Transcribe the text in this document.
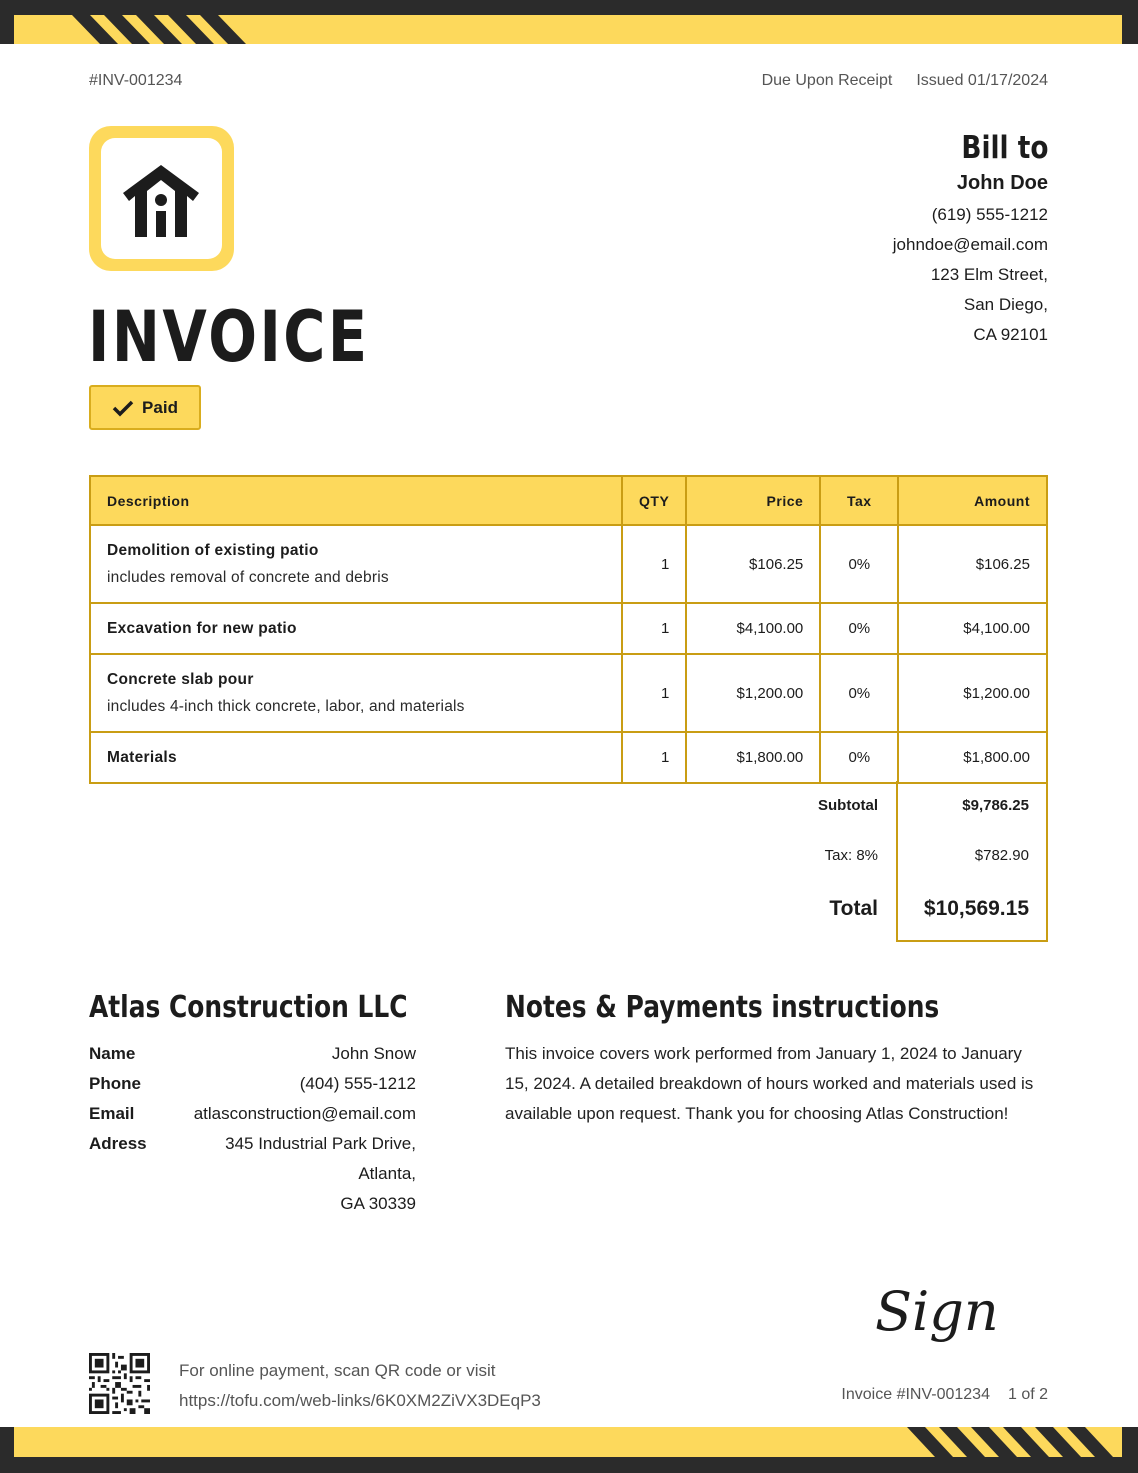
#INV-001234	Due Upon Receipt Issued 01/17/2024
INVOICE
Paid
Bill to
John Doe
(619) 555-1212
johndoe@email.com
123 Elm Street,
San Diego,
CA 92101
Description	QTY	Price	Tax	Amount

Demolition of existing patio
includes removal of concrete and debris	1	$106.25	0%	$106.25

Excavation for new patio	1	$4,100.00	0%	$4,100.00

Concrete slab pour
includes 4-inch thick concrete, labor, and materials	1	$1,200.00	0%	$1,200.00

Materials	1	$1,800.00	0%	$1,800.00
Subtotal	$9,786.25
Tax: 8%	$782.90
Total $10,569.15
Atlas Construction LLC
Name	John Snow
Phone	(404) 555-1212
Email	atlasconstruction@email.com
Adress	345 Industrial Park Drive,
Atlanta,
GA 30339
Notes & Payments instructions

This invoice covers work performed from January 1, 2024 to January 15, 2024. A detailed breakdown of hours worked and materials used is available upon request. Thank you for choosing Atlas Construction!

Sign
For online payment, scan QR code or visit
https://tofu.com/web-links/6K0XM2ZiVX3DEqP3	Invoice #INV-001234 1 of 2
